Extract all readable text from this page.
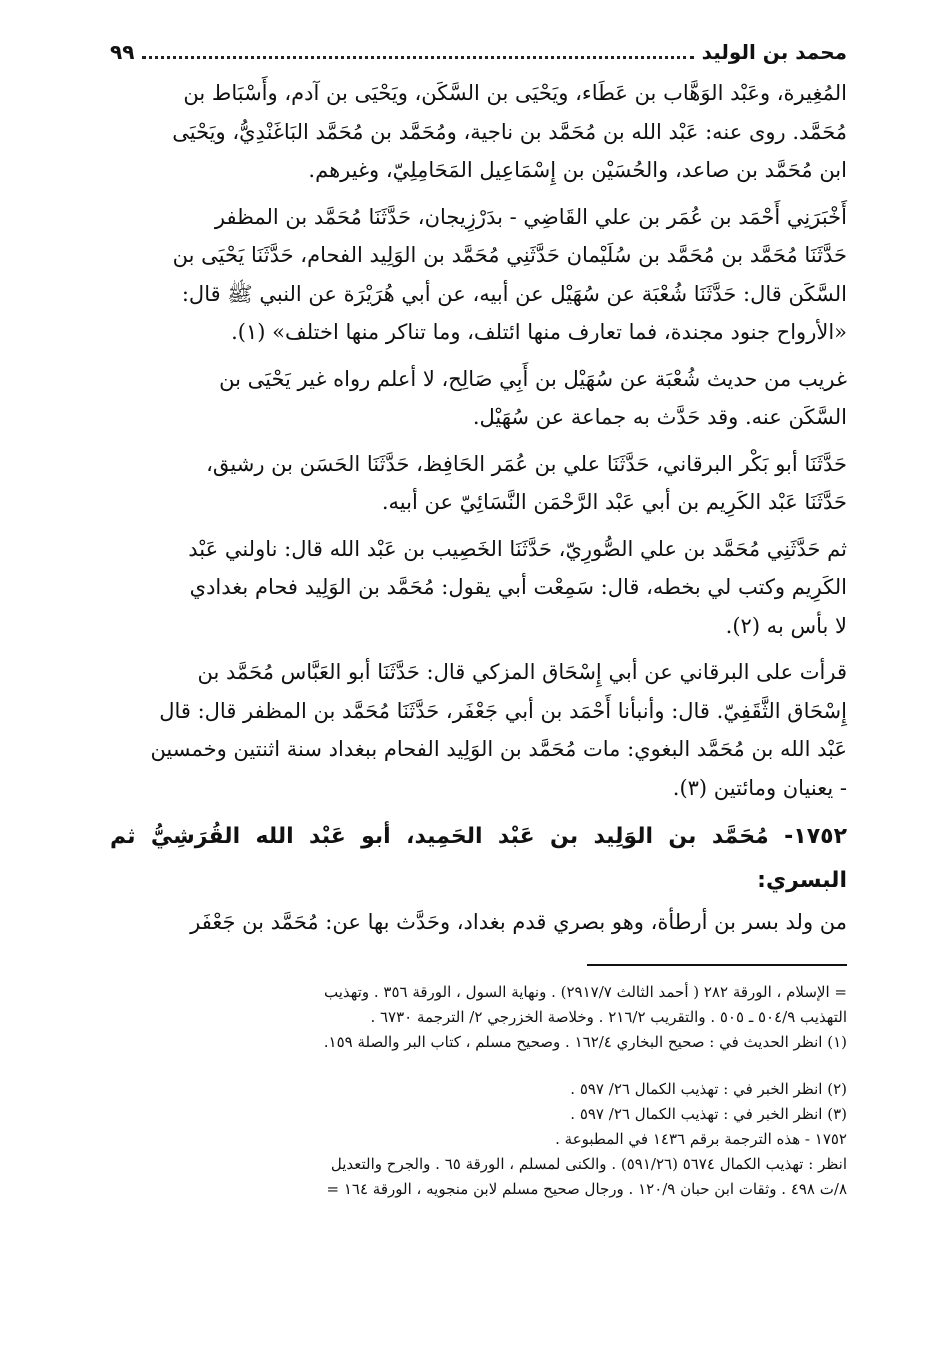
محمد بن الوليد
٩٩

المُغِيرة، وعَبْد الوَهَّاب بن عَطَاء، ويَحْيَى بن السَّكَن، ويَحْيَى بن آدم، وأَسْبَاط بن

مُحَمَّد. روى عنه: عَبْد الله بن مُحَمَّد بن ناجية، ومُحَمَّد بن مُحَمَّد البَاغَنْدِيُّ، ويَحْيَى

ابن مُحَمَّد بن صاعد، والحُسَيْن بن إِسْمَاعِيل المَحَامِلِيّ، وغيرهم.

أَخْبَرَنِي أَحْمَد بن عُمَر بن علي القَاضِي - بدَرْزِيجان، حَدَّثَنَا مُحَمَّد بن المظفر

حَدَّثَنَا مُحَمَّد بن مُحَمَّد بن سُلَيْمان حَدَّثَنِي مُحَمَّد بن الوَلِيد الفحام، حَدَّثَنَا يَحْيَى بن

السَّكَن قال: حَدَّثَنَا شُعْبَة عن سُهَيْل عن أبيه، عن أبي هُرَيْرَة عن النبي ﷺ قال:

«الأرواح جنود مجندة، فما تعارف منها ائتلف، وما تناكر منها اختلف» (١).

غريب من حديث شُعْبَة عن سُهَيْل بن أَبِي صَالِح، لا أعلم رواه غير يَحْيَى بن

السَّكَن عنه. وقد حَدَّث به جماعة عن سُهَيْل.

حَدَّثَنَا أبو بَكْر البرقاني، حَدَّثَنَا علي بن عُمَر الحَافِظ، حَدَّثَنَا الحَسَن بن رشيق،

حَدَّثَنَا عَبْد الكَرِيم بن أبي عَبْد الرَّحْمَن النَّسَائِيّ عن أبيه.

ثم حَدَّثَنِي مُحَمَّد بن علي الصُّورِيّ، حَدَّثَنَا الخَصِيب بن عَبْد الله قال: ناولني عَبْد

الكَرِيم وكتب لي بخطه، قال: سَمِعْت أبي يقول: مُحَمَّد بن الوَلِيد فحام بغدادي

لا بأس به (٢).

قرأت على البرقاني عن أبي إِسْحَاق المزكي قال: حَدَّثَنَا أبو العَبَّاس مُحَمَّد بن

إِسْحَاق الثَّقَفِيّ. قال: وأنبأنا أَحْمَد بن أبي جَعْفَر، حَدَّثَنَا مُحَمَّد بن المظفر قال: قال

عَبْد الله بن مُحَمَّد البغوي: مات مُحَمَّد بن الوَلِيد الفحام ببغداد سنة اثنتين وخمسين

- يعنيان ومائتين (٣).

١٧٥٢- مُحَمَّد بن الوَلِيد بن عَبْد الحَمِيد، أبو عَبْد الله القُرَشِيُّ ثم البسري:

من ولد بسر بن أرطأة، وهو بصري قدم بغداد، وحَدَّث بها عن: مُحَمَّد بن جَعْفَر

= الإسلام ، الورقة ٢٨٢ ( أحمد الثالث ٢٩١٧/٧) . ونهاية السول ، الورقة ٣٥٦ . وتهذيب

التهذيب ٥٠٤/٩ ـ ٥٠٥ . والتقريب ٢١٦/٢ . وخلاصة الخزرجي ٢/ الترجمة ٦٧٣٠ .

(١) انظر الحديث في : صحيح البخاري ١٦٢/٤ . وصحيح مسلم ، كتاب البر والصلة ١٥٩.

(٢) انظر الخبر في : تهذيب الكمال ٢٦/ ٥٩٧ .

(٣) انظر الخبر في : تهذيب الكمال ٢٦/ ٥٩٧ .

١٧٥٢ - هذه الترجمة برقم ١٤٣٦ في المطبوعة .

انظر : تهذيب الكمال ٥٦٧٤ (٥٩١/٢٦) . والكنى لمسلم ، الورقة ٦٥ . والجرح والتعديل

٨/ت ٤٩٨ . وثقات ابن حبان ١٢٠/٩ . ورجال صحيح مسلم لابن منجويه ، الورقة ١٦٤ =
